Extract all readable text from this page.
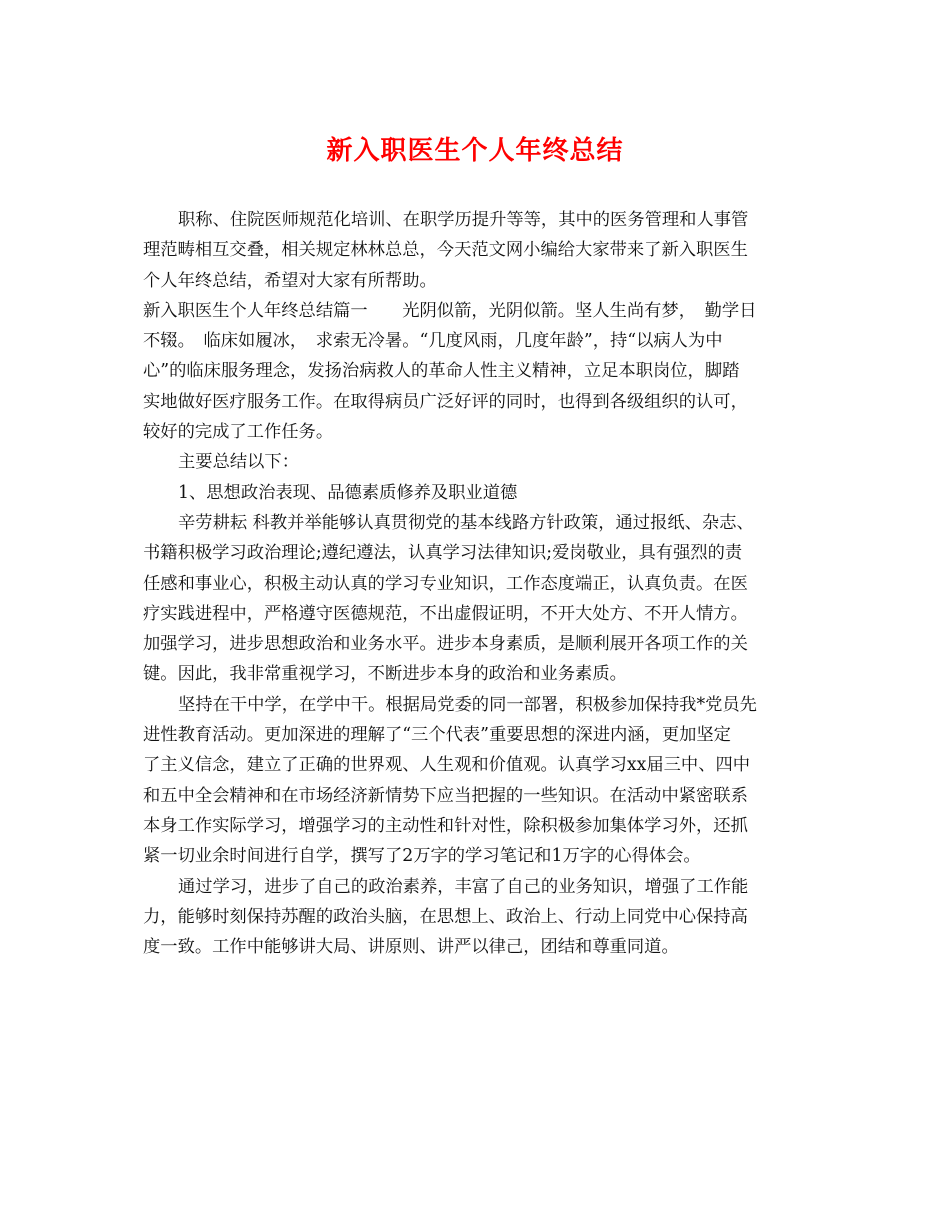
新入职医生个人年终总结

职称、住院医师规范化培训、在职学历提升等等，其中的医务管理和人事管
理范畴相互交叠，相关规定林林总总，今天范文网小编给大家带来了新入职医生
个人年终总结，希望对大家有所帮助。

新入职医生个人年终总结篇一　　光阴似箭，光阴似箭。坚人生尚有梦，　勤学日
不辍。　临床如履冰，　求索无冷暑。“几度风雨，几度年龄”，持“以病人为中
心”的临床服务理念，发扬治病救人的革命人性主义精神，立足本职岗位，脚踏
实地做好医疗服务工作。在取得病员广泛好评的同时，也得到各级组织的认可，
较好的完成了工作任务。

主要总结以下：

1、思想政治表现、品德素质修养及职业道德

辛劳耕耘 科教并举能够认真贯彻党的基本线路方针政策，通过报纸、杂志、
书籍积极学习政治理论;遵纪遵法，认真学习法律知识;爱岗敬业，具有强烈的责
任感和事业心，积极主动认真的学习专业知识，工作态度端正，认真负责。在医
疗实践进程中，严格遵守医德规范，不出虚假证明，不开大处方、不开人情方。
加强学习，进步思想政治和业务水平。进步本身素质，是顺利展开各项工作的关
键。因此，我非常重视学习，不断进步本身的政治和业务素质。

坚持在干中学，在学中干。根据局党委的同一部署，积极参加保持我*党员先
进性教育活动。更加深进的理解了“三个代表”重要思想的深进内涵，更加坚定
了主义信念，建立了正确的世界观、人生观和价值观。认真学习xx届三中、四中
和五中全会精神和在市场经济新情势下应当把握的一些知识。在活动中紧密联系
本身工作实际学习，增强学习的主动性和针对性，除积极参加集体学习外，还抓
紧一切业余时间进行自学，撰写了2万字的学习笔记和1万字的心得体会。

通过学习，进步了自己的政治素养，丰富了自己的业务知识，增强了工作能
力，能够时刻保持苏醒的政治头脑，在思想上、政治上、行动上同党中心保持高
度一致。工作中能够讲大局、讲原则、讲严以律己，团结和尊重同道。
